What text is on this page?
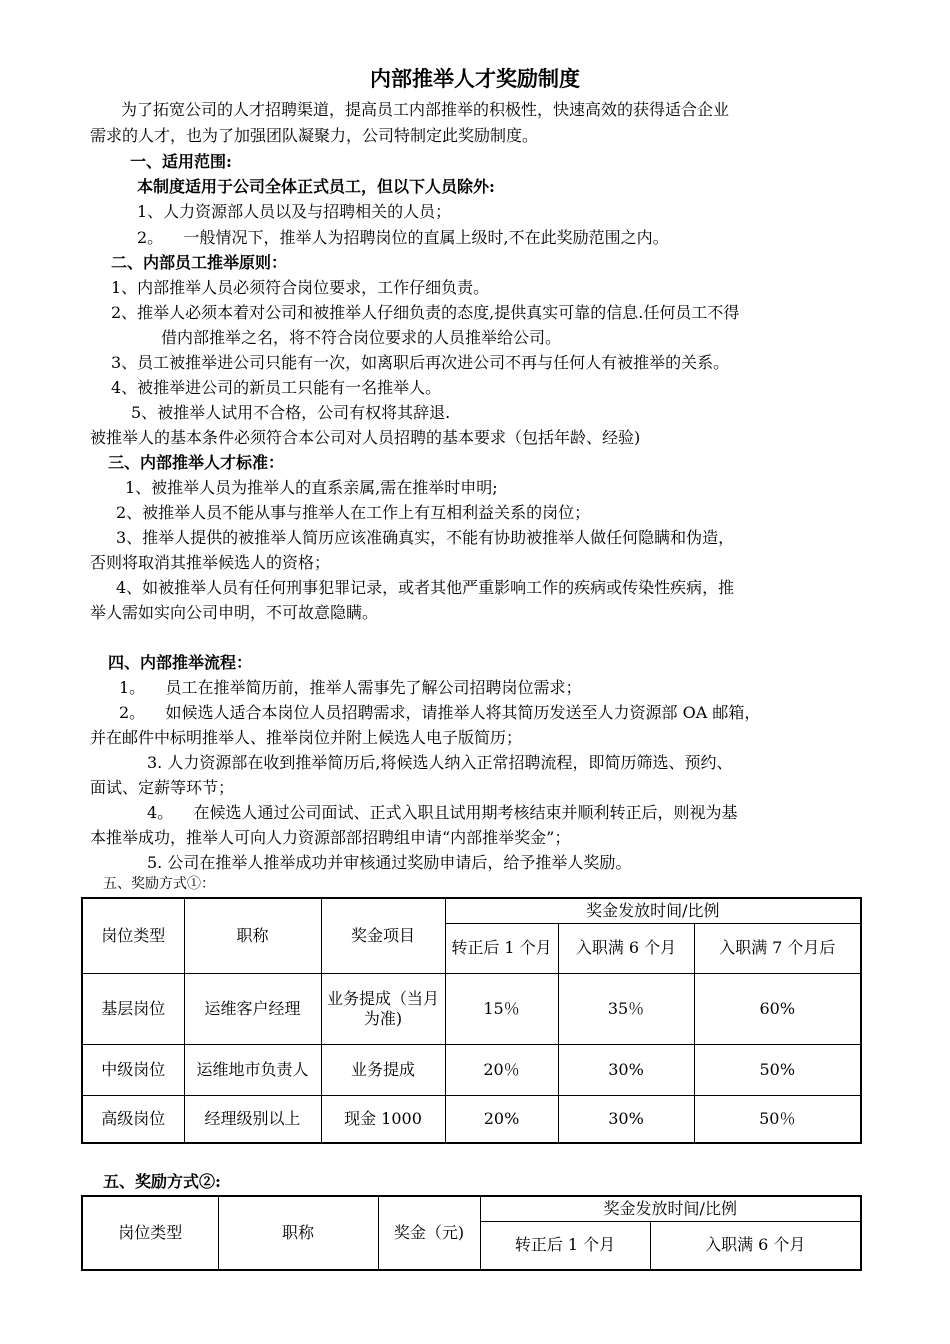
内部推举人才奖励制度
为了拓宽公司的人才招聘渠道，提高员工内部推举的积极性，快速高效的获得适合企业
需求的人才，也为了加强团队凝聚力，公司特制定此奖励制度。
一、适用范围:
本制度适用于公司全体正式员工，但以下人员除外:
1、人力资源部人员以及与招聘相关的人员；
2。    一般情况下，推举人为招聘岗位的直属上级时,不在此奖励范围之内。
二、内部员工推举原则：
1、内部推举人员必须符合岗位要求，工作仔细负责。
2、推举人必须本着对公司和被推举人仔细负责的态度,提供真实可靠的信息.任何员工不得
借内部推举之名，将不符合岗位要求的人员推举给公司。
3、员工被推举进公司只能有一次，如离职后再次进公司不再与任何人有被推举的关系。
4、被推举进公司的新员工只能有一名推举人。
5、被推举人试用不合格，公司有权将其辞退.
被推举人的基本条件必须符合本公司对人员招聘的基本要求（包括年龄、经验)
三、内部推举人才标准：
1、被推举人员为推举人的直系亲属,需在推举时申明;
2、被推举人员不能从事与推举人在工作上有互相利益关系的岗位；
3、推举人提供的被推举人简历应该准确真实，不能有协助被推举人做任何隐瞒和伪造，
否则将取消其推举候选人的资格；
4、如被推举人员有任何刑事犯罪记录，或者其他严重影响工作的疾病或传染性疾病，推
举人需如实向公司申明，不可故意隐瞒。
四、内部推举流程：
1。    员工在推举简历前，推举人需事先了解公司招聘岗位需求；
2。    如候选人适合本岗位人员招聘需求，请推举人将其简历发送至人力资源部 OA 邮箱，
并在邮件中标明推举人、推举岗位并附上候选人电子版简历；
3. 人力资源部在收到推举简历后,将候选人纳入正常招聘流程，即简历筛选、预约、
面试、定薪等环节；
4。    在候选人通过公司面试、正式入职且试用期考核结束并顺利转正后，则视为基
本推举成功，推举人可向人力资源部部招聘组申请“内部推举奖金”；
5. 公司在推举人推举成功并审核通过奖励申请后，给予推举人奖励。
五、奖励方式①：
岗位类型	职称	奖金项目	奖金发放时间/比例		
			转正后 1 个月	入职满 6 个月	入职满 7 个月后
基层岗位	运维客户经理	业务提成（当月为准)	15％	35％	60%
中级岗位	运维地市负责人	业务提成	20％	30%	50%
高级岗位	经理级别以上	现金 1000	20%	30%	50％
五、奖励方式②:
岗位类型	职称	奖金（元)	奖金发放时间/比例	
			转正后 1 个月	入职满 6 个月
